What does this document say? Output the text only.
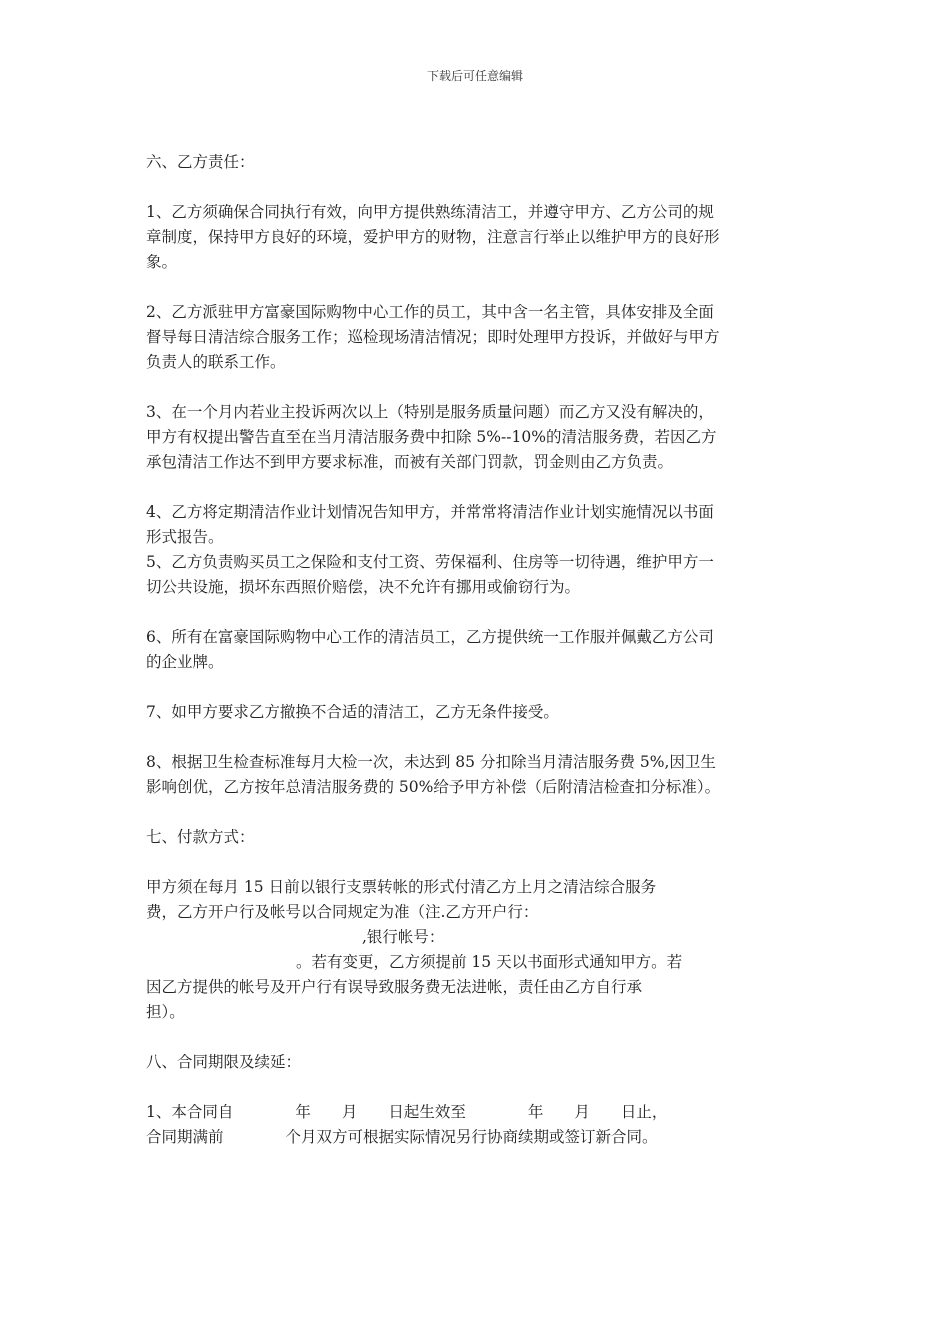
下载后可任意编辑

六、乙方责任：

1、乙方须确保合同执行有效，向甲方提供熟练清洁工，并遵守甲方、乙方公司的规章制度，保持甲方良好的环境，爱护甲方的财物，注意言行举止以维护甲方的良好形象。

2、乙方派驻甲方富豪国际购物中心工作的员工，其中含一名主管，具体安排及全面督导每日清洁综合服务工作；巡检现场清洁情况；即时处理甲方投诉，并做好与甲方负责人的联系工作。

3、在一个月内若业主投诉两次以上（特别是服务质量问题）而乙方又没有解决的，甲方有权提出警告直至在当月清洁服务费中扣除 5%--10%的清洁服务费，若因乙方承包清洁工作达不到甲方要求标准，而被有关部门罚款，罚金则由乙方负责。

4、乙方将定期清洁作业计划情况告知甲方，并常常将清洁作业计划实施情况以书面形式报告。

5、乙方负责购买员工之保险和支付工资、劳保福利、住房等一切待遇，维护甲方一切公共设施，损坏东西照价赔偿，决不允许有挪用或偷窃行为。

6、所有在富豪国际购物中心工作的清洁员工，乙方提供统一工作服并佩戴乙方公司的企业牌。

7、如甲方要求乙方撤换不合适的清洁工，乙方无条件接受。

8、根据卫生检查标准每月大检一次，未达到 85 分扣除当月清洁服务费 5%,因卫生影响创优，乙方按年总清洁服务费的 50%给予甲方补偿（后附清洁检查扣分标准）。

七、付款方式：

甲方须在每月 15 日前以银行支票转帐的形式付清乙方上月之清洁综合服务

费，乙方开户行及帐号以合同规定为准（注.乙方开户行：

,银行帐号：

。若有变更，乙方须提前 15 天以书面形式通知甲方。若

因乙方提供的帐号及开户行有误导致服务费无法进帐，责任由乙方自行承

担）。

八、合同期限及续延：

1、本合同自　　　　年　　月　　日起生效至　　　　年　　月　　日止，

合同期满前　　　　个月双方可根据实际情况另行协商续期或签订新合同。
